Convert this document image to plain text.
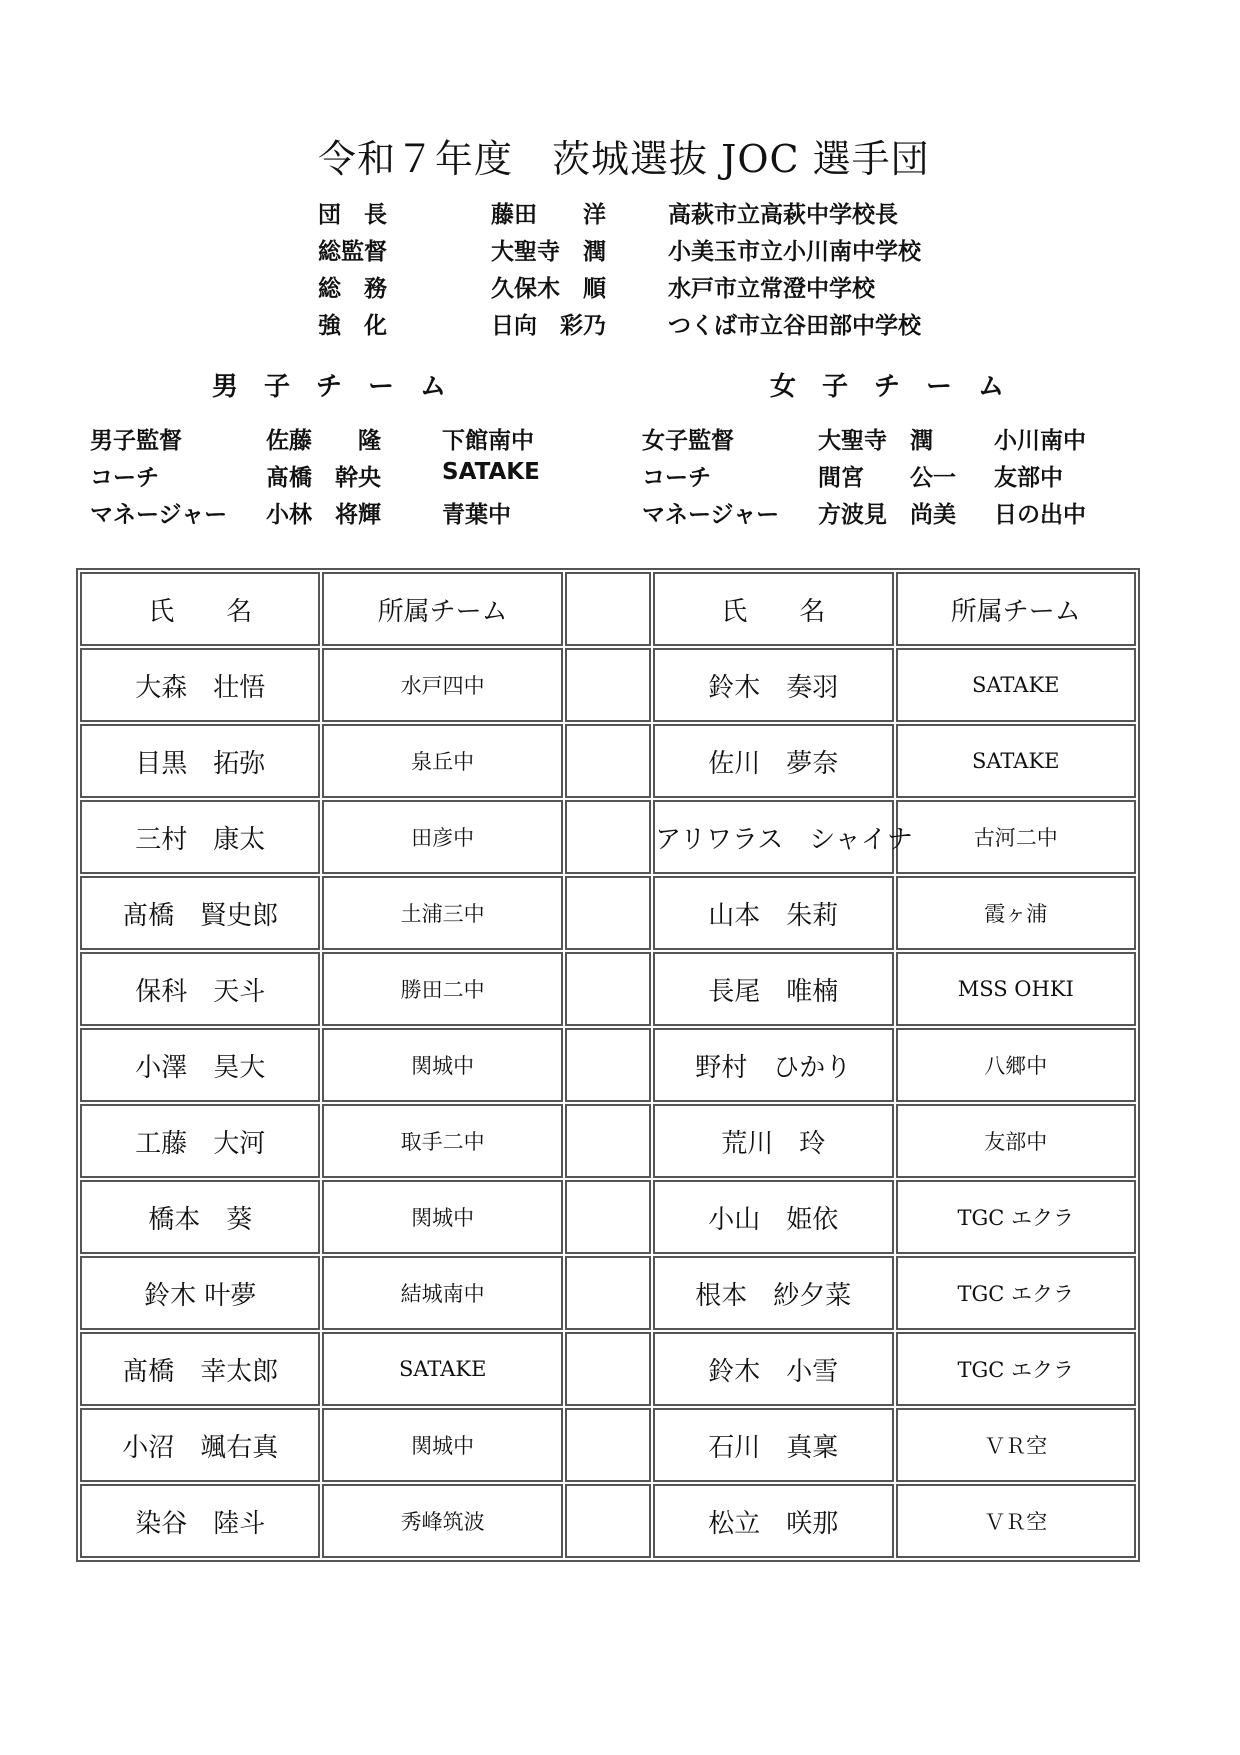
令和７年度　茨城選抜 JOC 選手団
団　長	藤田　　洋	高萩市立高萩中学校長
総監督	大聖寺　潤	小美玉市立小川南中学校
総　務	久保木　順	水戸市立常澄中学校
強　化	日向　彩乃	つくば市立谷田部中学校
男　子　チ　ー　ム	女　子　チ　ー　ム
男子監督	佐藤　　隆	下館南中
コーチ	髙橋　幹央	SATAKE
マネージャー 小林　将輝	青葉中
女子監督	大聖寺　潤	小川南中
コーチ	間宮　　公一 友部中
マネージャー 方波見　尚美 日の出中
氏　　名	所属チーム		氏　　名	所属チーム
大森　壮悟	水戸四中		鈴木　奏羽	SATAKE
目黒　拓弥	泉丘中		佐川　夢奈	SATAKE
三村　康太	田彦中		アリワラス　シャイナ	古河二中
髙橋　賢史郎	土浦三中		山本　朱莉	霞ヶ浦
保科　天斗	勝田二中		長尾　唯楠	MSS OHKI
小澤　昊大	関城中		野村　ひかり	八郷中
工藤　大河	取手二中		荒川　玲	友部中
橋本　葵	関城中		小山　姫依	TGC エクラ
鈴木 叶夢	結城南中		根本　紗夕菜	TGC エクラ
髙橋　幸太郎	SATAKE		鈴木　小雪	TGC エクラ
小沼　颯右真	関城中		石川　真稟	ＶＲ空
染谷　陸斗	秀峰筑波		松立　咲那	ＶＲ空
